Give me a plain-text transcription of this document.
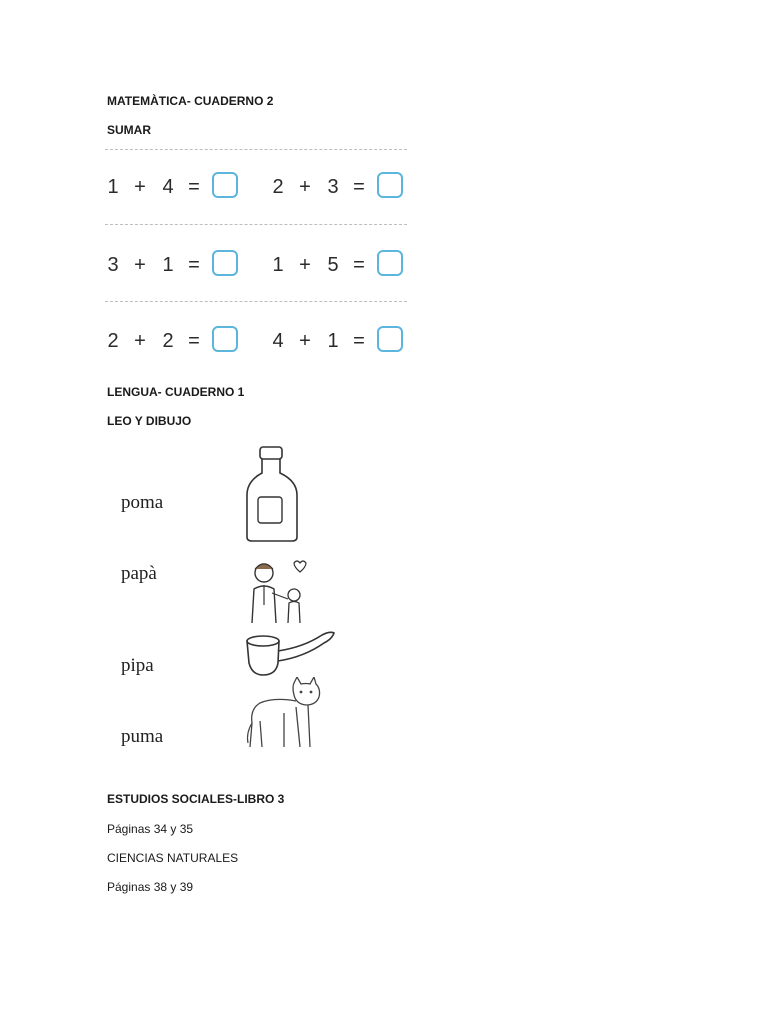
MATEMÀTICA- CUADERNO 2
SUMAR
1 + 4 =	2 + 3 =
3 + 1 =	1 + 5 =
2 + 2 =	4 + 1 =
LENGUA- CUADERNO 1
LEO Y DIBUJO
poma
papà
pipa
puma
ESTUDIOS SOCIALES-LIBRO 3
Páginas 34 y 35
CIENCIAS NATURALES
Páginas 38 y 39
